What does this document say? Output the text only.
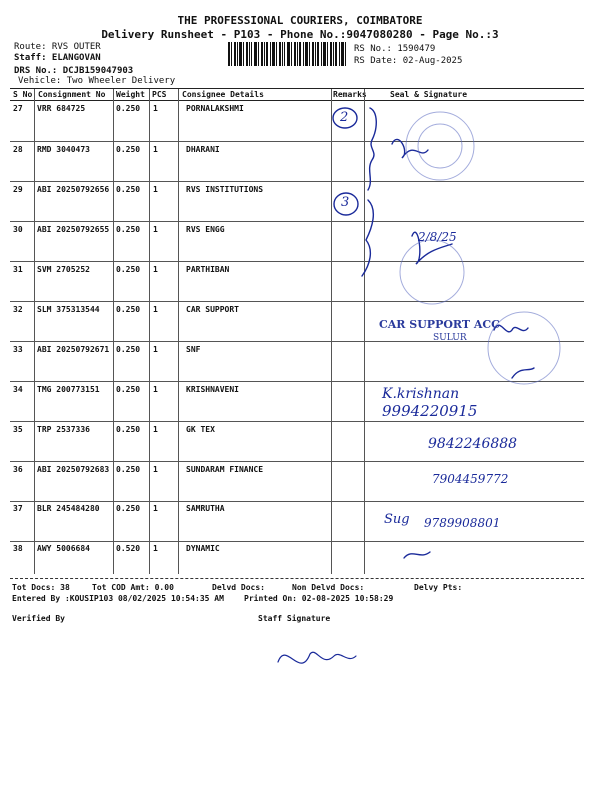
THE PROFESSIONAL COURIERS, COIMBATORE
Delivery Runsheet - P103 - Phone No.:9047080280 - Page No.:3
Route: RVS OUTER
Staff: ELANGOVAN
DRS No.: DCJB159047903
Vehicle: Two Wheeler Delivery
RS No.: 1590479
RS Date: 02-Aug-2025
S No Consignment No Weight PCS Consignee Details	Remarks	Seal & Signature
27 VRR 684725	0.250 1	PORNALAKSHMI
28 RMD 3040473	0.250 1	DHARANI
29 ABI 20250792656 0.250 1	RVS INSTITUTIONS
30 ABI 20250792655 0.250 1	RVS ENGG
31 SVM 2705252	0.250 1	PARTHIBAN
32 SLM 375313544 0.250 1	CAR SUPPORT
33 ABI 20250792671 0.250 1	SNF
34 TMG 200773151 0.250 1	KRISHNAVENI
35 TRP 2537336	0.250 1	GK TEX
36 ABI 20250792683 0.250 1	SUNDARAM FINANCE
37 BLR 245484280 0.250 1	SAMRUTHA
38 AWY 5006684	0.520 1	DYNAMIC
2
3
2/8/25
CAR SUPPORT ACC
SULUR
K.krishnan
9994220915
9842246888
7904459772
Sug 9789908801
Tot Docs: 38	Tot COD Amt: 0.00	Delvd Docs:	Non Delvd Docs:	Delvy Pts:
Entered By :KOUSIP103 08/02/2025 10:54:35 AM	Printed On: 02-08-2025 10:58:29
Verified By	Staff Signature
